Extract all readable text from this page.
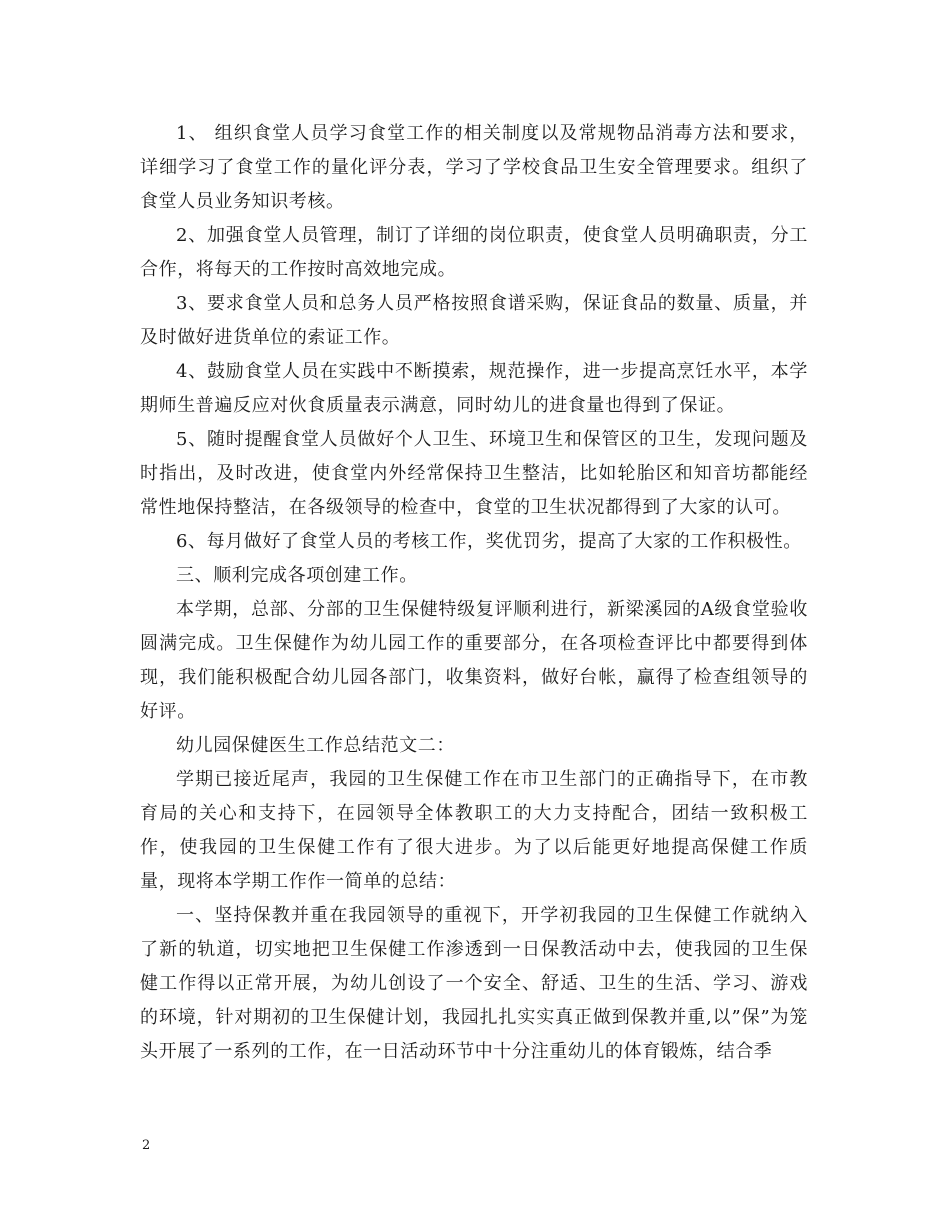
1、 组织食堂人员学习食堂工作的相关制度以及常规物品消毒方法和要求，详细学习了食堂工作的量化评分表，学习了学校食品卫生安全管理要求。组织了食堂人员业务知识考核。

2、加强食堂人员管理，制订了详细的岗位职责，使食堂人员明确职责，分工合作，将每天的工作按时高效地完成。

3、要求食堂人员和总务人员严格按照食谱采购，保证食品的数量、质量，并及时做好进货单位的索证工作。

4、鼓励食堂人员在实践中不断摸索，规范操作，进一步提高烹饪水平，本学期师生普遍反应对伙食质量表示满意，同时幼儿的进食量也得到了保证。

5、随时提醒食堂人员做好个人卫生、环境卫生和保管区的卫生，发现问题及时指出，及时改进，使食堂内外经常保持卫生整洁，比如轮胎区和知音坊都能经常性地保持整洁，在各级领导的检查中，食堂的卫生状况都得到了大家的认可。

6、每月做好了食堂人员的考核工作，奖优罚劣，提高了大家的工作积极性。

三、顺利完成各项创建工作。

本学期，总部、分部的卫生保健特级复评顺利进行，新梁溪园的A级食堂验收圆满完成。卫生保健作为幼儿园工作的重要部分，在各项检查评比中都要得到体现，我们能积极配合幼儿园各部门，收集资料，做好台帐，赢得了检查组领导的好评。

幼儿园保健医生工作总结范文二：

学期已接近尾声，我园的卫生保健工作在市卫生部门的正确指导下，在市教育局的关心和支持下，在园领导全体教职工的大力支持配合，团结一致积极工作，使我园的卫生保健工作有了很大进步。为了以后能更好地提高保健工作质量，现将本学期工作作一简单的总结：

一、坚持保教并重在我园领导的重视下，开学初我园的卫生保健工作就纳入了新的轨道，切实地把卫生保健工作渗透到一日保教活动中去，使我园的卫生保健工作得以正常开展，为幼儿创设了一个安全、舒适、卫生的生活、学习、游戏的环境，针对期初的卫生保健计划，我园扎扎实实真正做到保教并重,以”保”为笼头开展了一系列的工作，在一日活动环节中十分注重幼儿的体育锻炼，结合季

2
